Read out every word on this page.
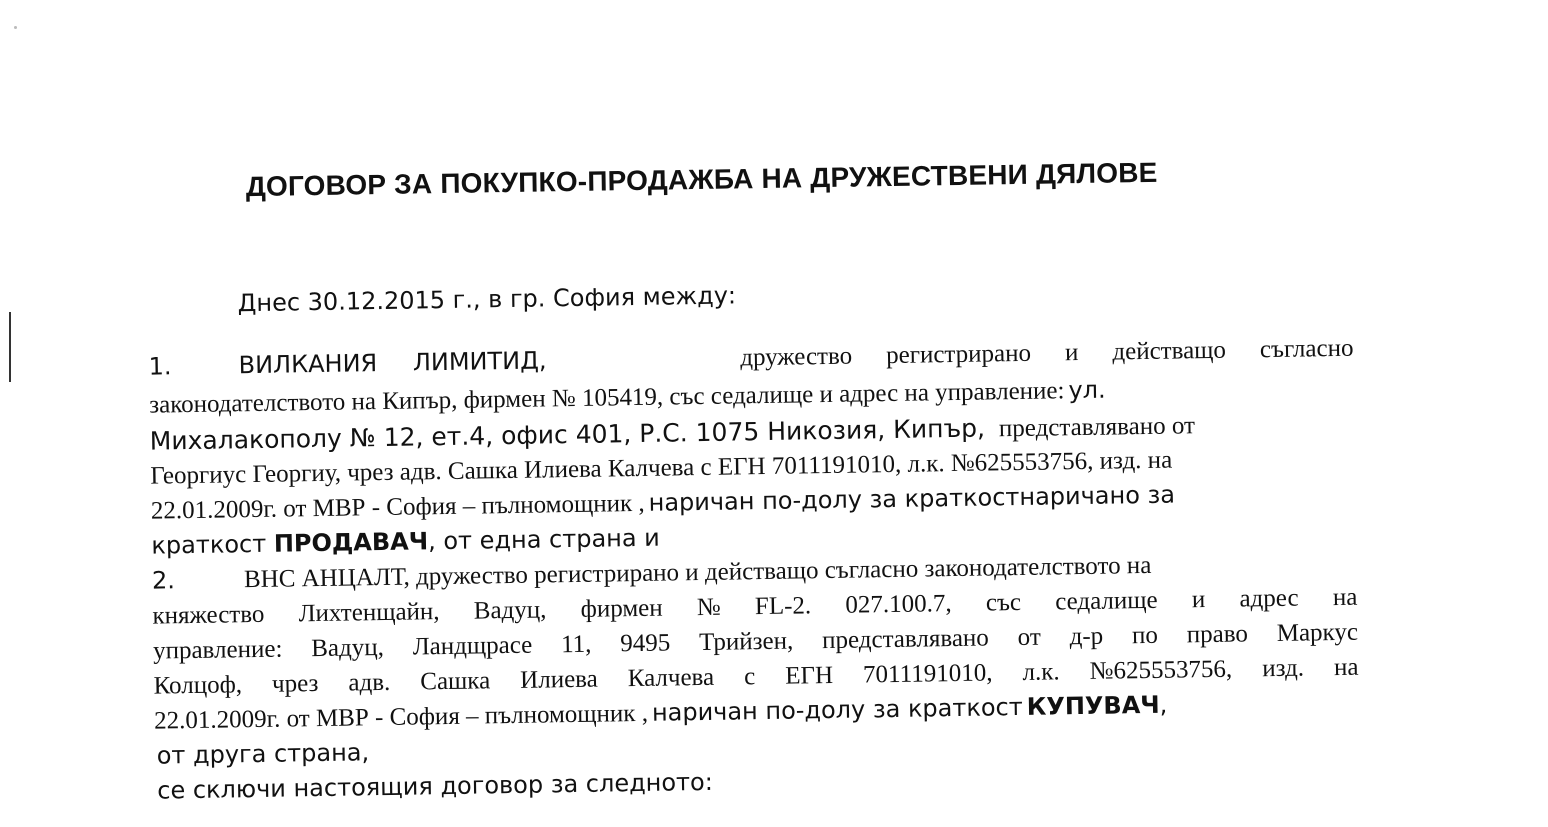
ДОГОВОР ЗА ПОКУПКО-ПРОДАЖБА НА ДРУЖЕСТВЕНИ ДЯЛОВЕ
Днес 30.12.2015 г., в гр. София между:
1.	ВИЛКАНИЯ ЛИМИТИД,	дружество регистрирано и действащо съгласно
законодателството на Кипър, фирмен № 105419, със седалище и адрес на управление: ул.
Михалакополу № 12, ет.4, офис 401, Р.С. 1075 Никозия, Кипър, представлявано от
Георгиус Георгиу, чрез адв. Сашка Илиева Калчева с ЕГН 7011191010, л.к. №625553756, изд. на
22.01.2009г. от МВР - София – пълномощник , наричан по-долу за краткостнаричано за
краткост ПРОДАВАЧ, от една страна и
2.	ВНС АНЦАЛТ, дружество регистрирано и действащо съгласно законодателството на
княжество Лихтенщайн, Вадуц, фирмен № FL-2. 027.100.7, със седалище и адрес на
управление: Вадуц, Ландщрасе 11, 9495 Трийзен, представлявано от д-р по право Маркус
Колцоф, чрез адв. Сашка Илиева Калчева с ЕГН 7011191010, л.к. №625553756, изд. на
22.01.2009г. от МВР - София – пълномощник , наричан по-долу за краткост КУПУВАЧ,
от друга страна,
се сключи настоящия договор за следното:
